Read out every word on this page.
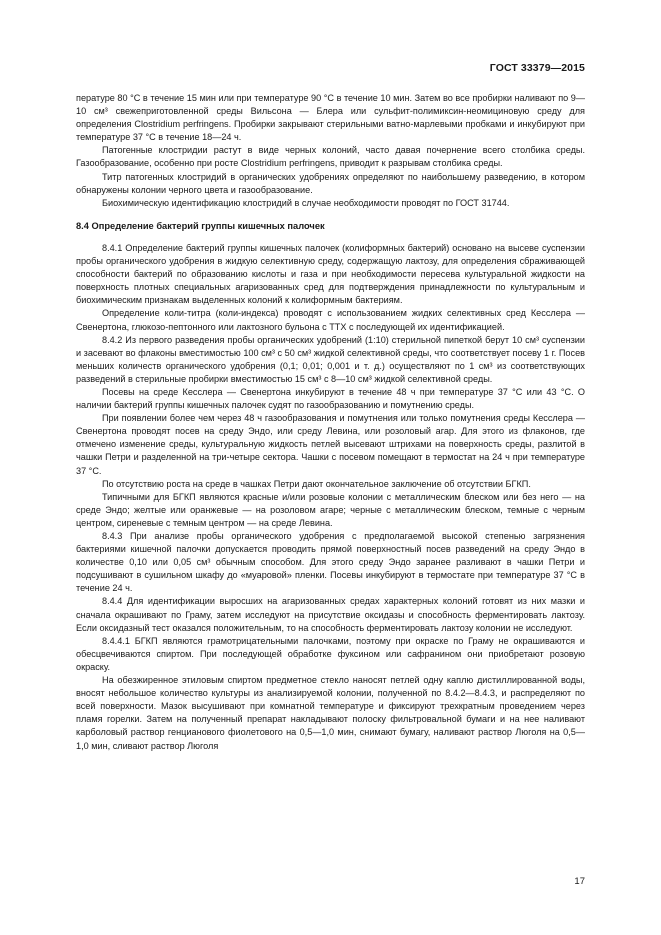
ГОСТ 33379—2015

пературе 80 °С в течение 15 мин или при температуре 90 °С в течение 10 мин. Затем во все пробирки наливают по 9—10 см³ свежеприготовленной среды Вильсона — Блера или сульфит-полимиксин-неомициновую среду для определения Clostridium perfringens. Пробирки закрывают стерильными ватно-марлевыми пробками и инкубируют при температуре 37 °С в течение 18—24 ч.

Патогенные клостридии растут в виде черных колоний, часто давая почернение всего столбика среды. Газообразование, особенно при росте Clostridium perfringens, приводит к разрывам столбика среды.

Титр патогенных клостридий в органических удобрениях определяют по наибольшему разведению, в котором обнаружены колонии черного цвета и газообразование.

Биохимическую идентификацию клостридий в случае необходимости проводят по ГОСТ 31744.

8.4 Определение бактерий группы кишечных палочек

8.4.1 Определение бактерий группы кишечных палочек (колиформных бактерий) основано на высеве суспензии пробы органического удобрения в жидкую селективную среду, содержащую лактозу, для определения сбраживающей способности бактерий по образованию кислоты и газа и при необходимости пересева культуральной жидкости на поверхность плотных специальных агаризованных сред для подтверждения принадлежности по культуральным и биохимическим признакам выделенных колоний к колиформным бактериям.

Определение коли-титра (коли-индекса) проводят с использованием жидких селективных сред Кесслера — Свенертона, глюкозо-пептонного или лактозного бульона с ТТХ с последующей их идентификацией.

8.4.2 Из первого разведения пробы органических удобрений (1:10) стерильной пипеткой берут 10 см³ суспензии и засевают во флаконы вместимостью 100 см³ с 50 см³ жидкой селективной среды, что соответствует посеву 1 г. Посев меньших количеств органического удобрения (0,1; 0,01; 0,001 и т. д.) осуществляют по 1 см³ из соответствующих разведений в стерильные пробирки вместимостью 15 см³ с 8—10 см³ жидкой селективной среды.

Посевы на среде Кесслера — Свенертона инкубируют в течение 48 ч при температуре 37 °С или 43 °С. О наличии бактерий группы кишечных палочек судят по газообразованию и помутнению среды.

При появлении более чем через 48 ч газообразования и помутнения или только помутнения среды Кесслера — Свенертона проводят посев на среду Эндо, или среду Левина, или розоловый агар. Для этого из флаконов, где отмечено изменение среды, культуральную жидкость петлей высевают штрихами на поверхность среды, разлитой в чашки Петри и разделенной на три-четыре сектора. Чашки с посевом помещают в термостат на 24 ч при температуре 37 °С.

По отсутствию роста на среде в чашках Петри дают окончательное заключение об отсутствии БГКП.

Типичными для БГКП являются красные и/или розовые колонии с металлическим блеском или без него — на среде Эндо; желтые или оранжевые — на розоловом агаре; черные с металлическим блеском, темные с черным центром, сиреневые с темным центром — на среде Левина.

8.4.3 При анализе пробы органического удобрения с предполагаемой высокой степенью загрязнения бактериями кишечной палочки допускается проводить прямой поверхностный посев разведений на среду Эндо в количестве 0,10 или 0,05 см³ обычным способом. Для этого среду Эндо заранее разливают в чашки Петри и подсушивают в сушильном шкафу до «муаровой» пленки. Посевы инкубируют в термостате при температуре 37 °С в течение 24 ч.

8.4.4 Для идентификации выросших на агаризованных средах характерных колоний готовят из них мазки и сначала окрашивают по Граму, затем исследуют на присутствие оксидазы и способность ферментировать лактозу. Если оксидазный тест оказался положительным, то на способность ферментировать лактозу колонии не исследуют.

8.4.4.1 БГКП являются грамотрицательными палочками, поэтому при окраске по Граму не окрашиваются и обесцвечиваются спиртом. При последующей обработке фуксином или сафранином они приобретают розовую окраску.

На обезжиренное этиловым спиртом предметное стекло наносят петлей одну каплю дистиллированной воды, вносят небольшое количество культуры из анализируемой колонии, полученной по 8.4.2—8.4.3, и распределяют по всей поверхности. Мазок высушивают при комнатной температуре и фиксируют трехкратным проведением через пламя горелки. Затем на полученный препарат накладывают полоску фильтровальной бумаги и на нее наливают карболовый раствор генцианового фиолетового на 0,5—1,0 мин, снимают бумагу, наливают раствор Люголя на 0,5—1,0 мин, сливают раствор Люголя

17
